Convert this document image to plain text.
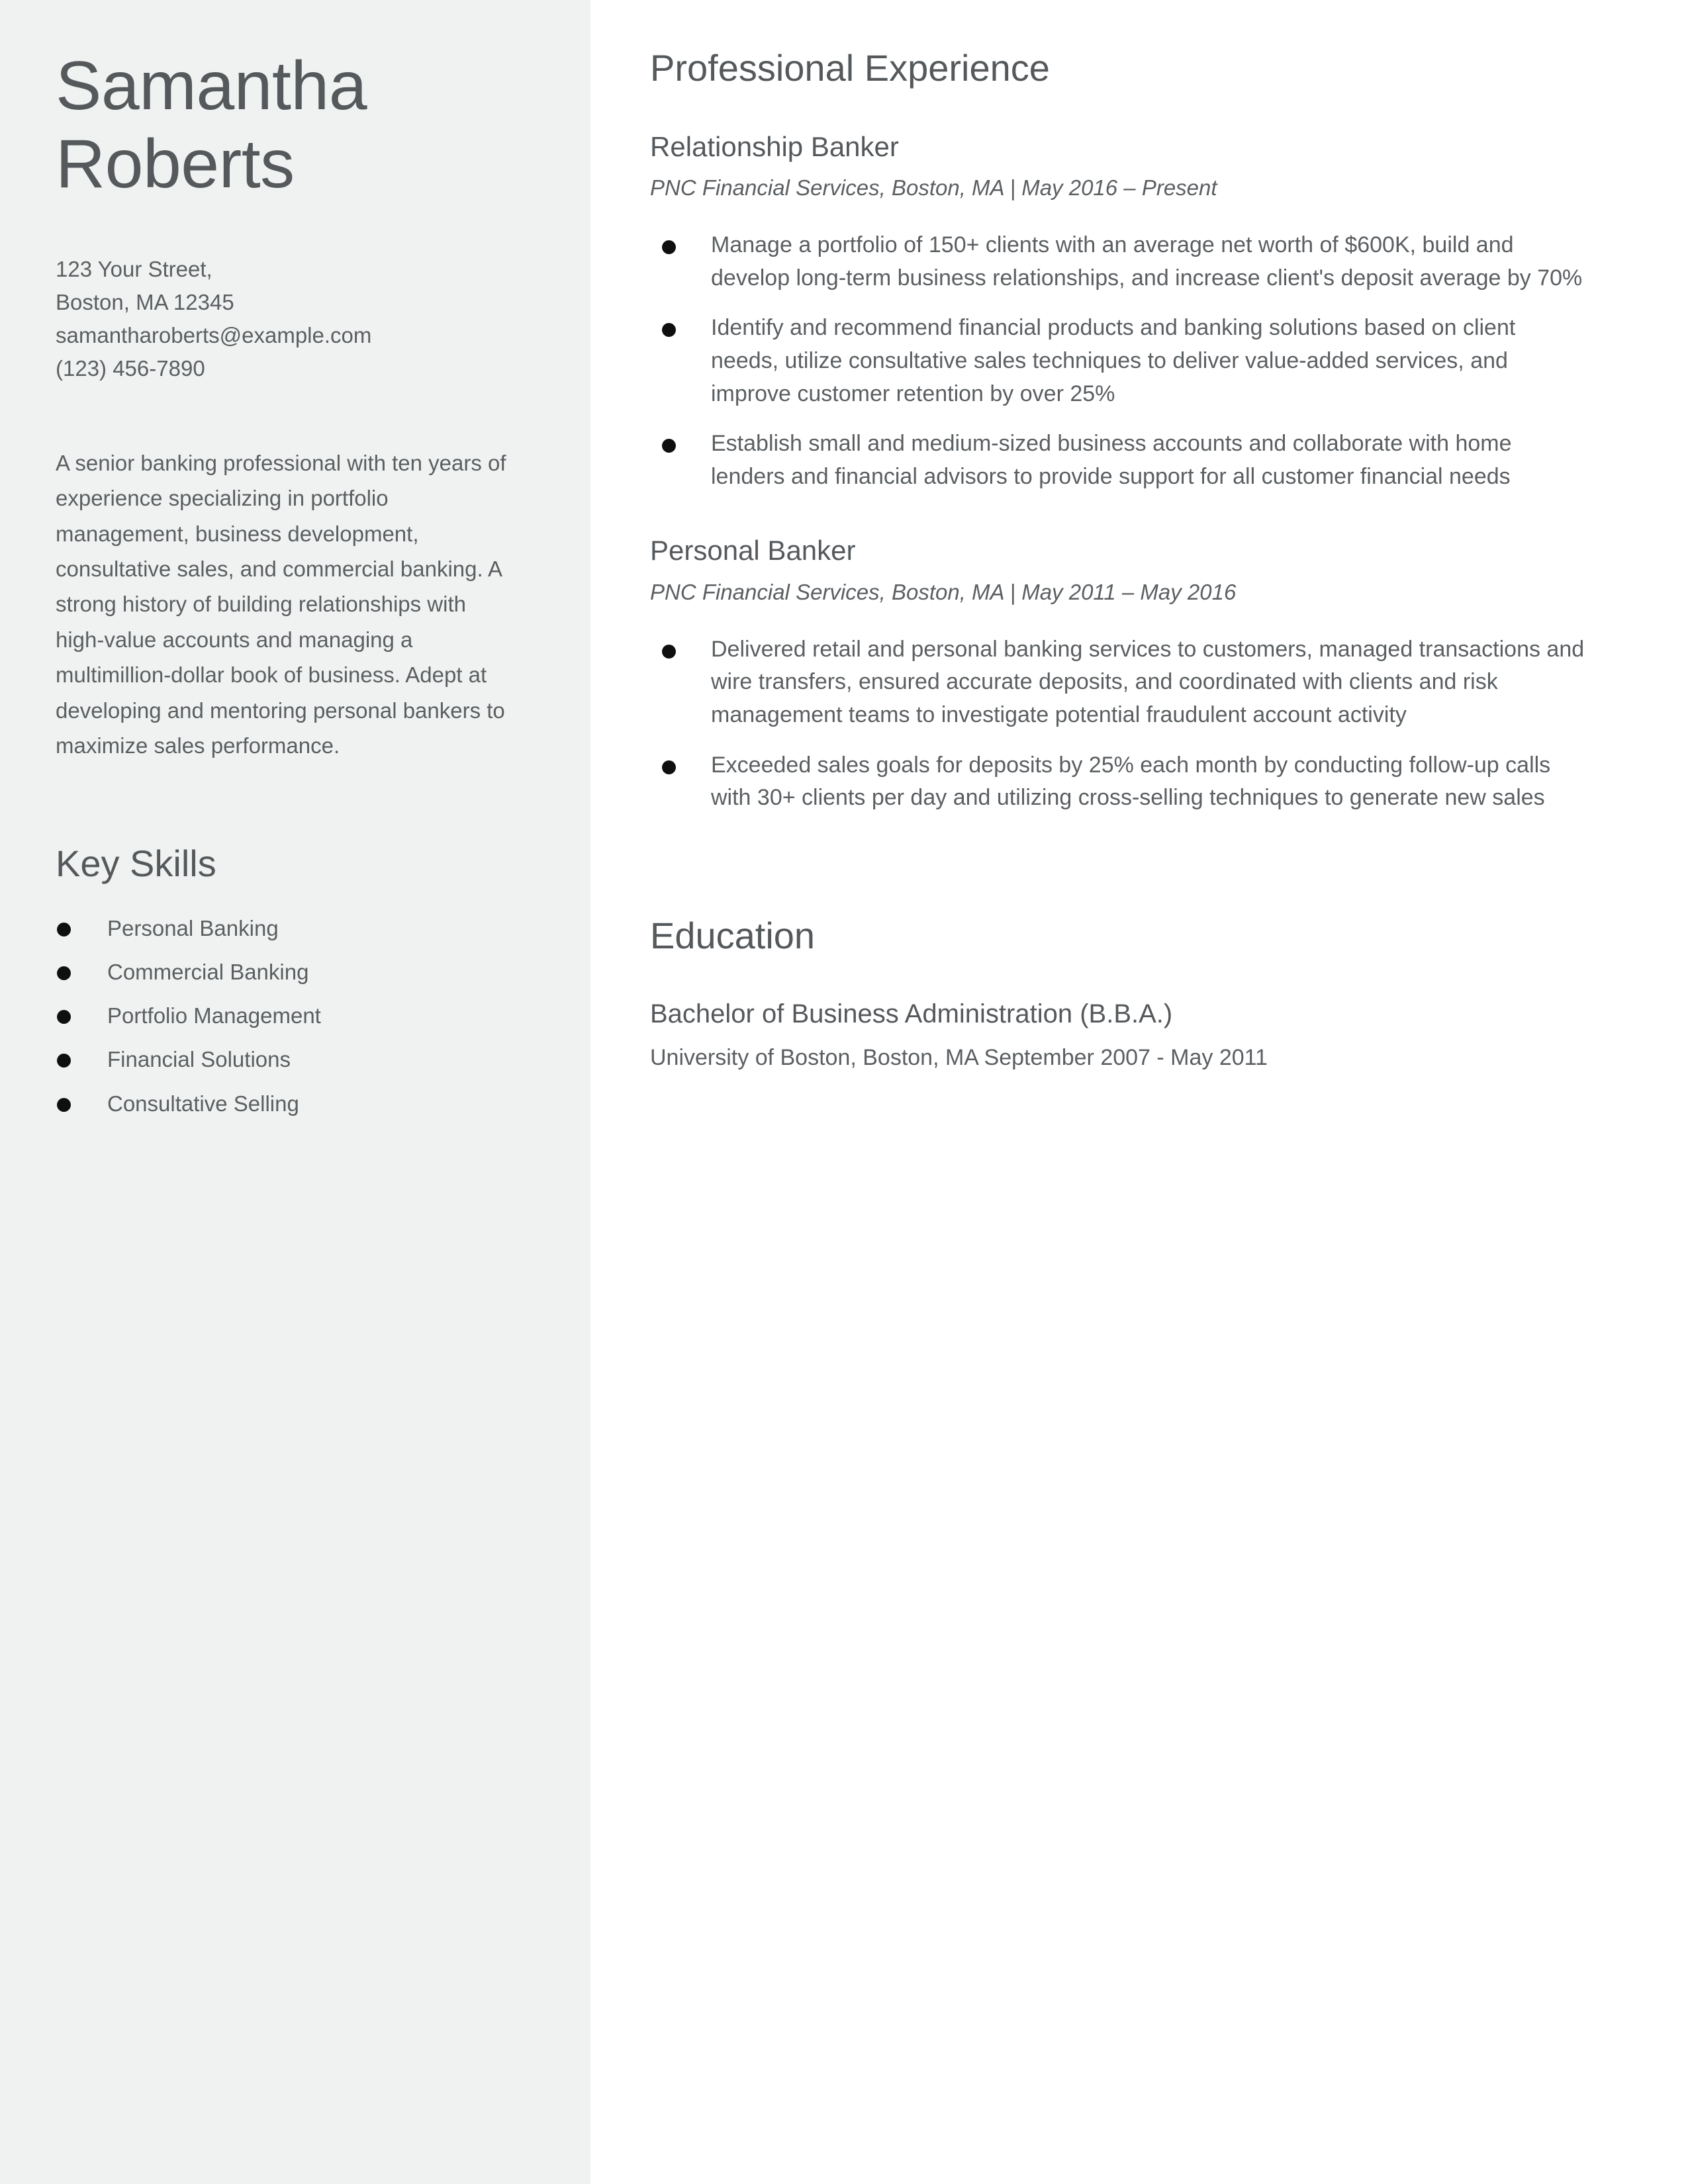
Samantha
Roberts
123 Your Street,
Boston, MA 12345
samantharoberts@example.com
(123) 456-7890

A senior banking professional with ten years of experience specializing in portfolio management, business development, consultative sales, and commercial banking. A strong history of building relationships with high-value accounts and managing a multimillion-dollar book of business. Adept at developing and mentoring personal bankers to maximize sales performance.

Key Skills
Personal Banking
Commercial Banking
Portfolio Management
Financial Solutions
Consultative Selling
Professional Experience
Relationship Banker
PNC Financial Services, Boston, MA | May 2016 – Present
Manage a portfolio of 150+ clients with an average net worth of $600K, build and develop long-term business relationships, and increase client's deposit average by 70%
Identify and recommend financial products and banking solutions based on client needs, utilize consultative sales techniques to deliver value-added services, and improve customer retention by over 25%
Establish small and medium-sized business accounts and collaborate with home lenders and financial advisors to provide support for all customer financial needs
Personal Banker
PNC Financial Services, Boston, MA | May 2011 – May 2016
Delivered retail and personal banking services to customers, managed transactions and wire transfers, ensured accurate deposits, and coordinated with clients and risk management teams to investigate potential fraudulent account activity
Exceeded sales goals for deposits by 25% each month by conducting follow-up calls with 30+ clients per day and utilizing cross-selling techniques to generate new sales
Education
Bachelor of Business Administration (B.B.A.)
University of Boston, Boston, MA September 2007 - May 2011
